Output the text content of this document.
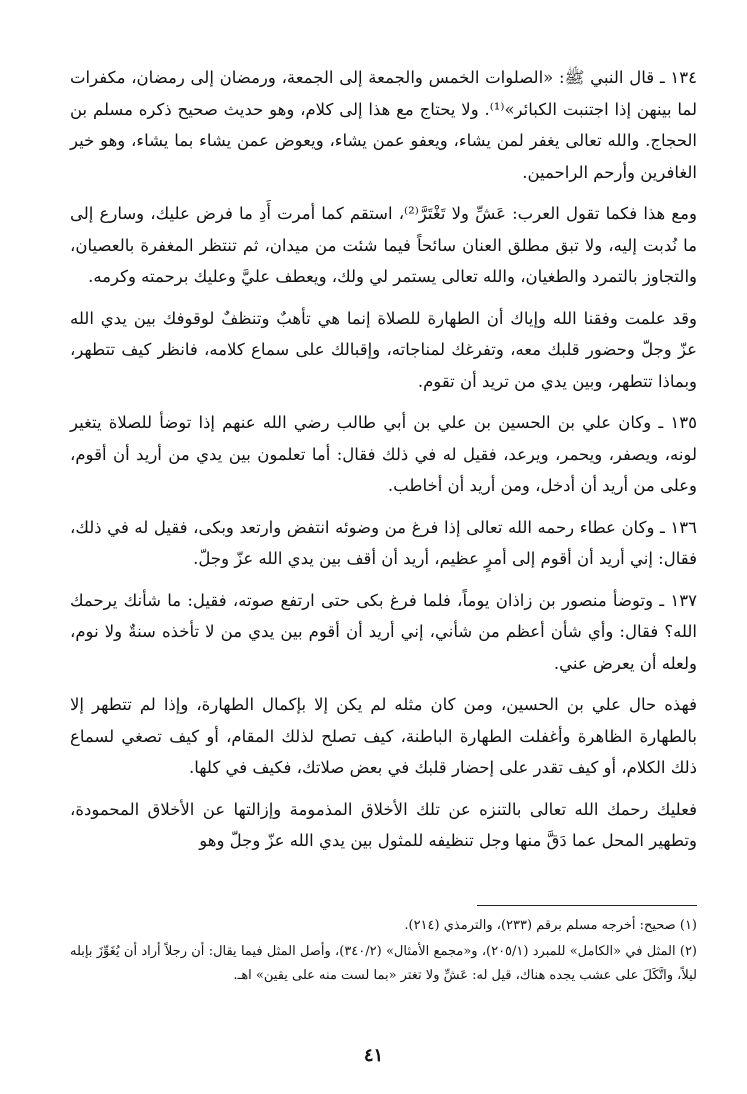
١٣٤ ـ قال النبي ﷺ: «الصلوات الخمس والجمعة إلى الجمعة، ورمضان إلى رمضان، مكفرات لما بينهن إذا اجتنبت الكبائر»⁽¹⁾. ولا يحتاج مع هذا إلى كلام، وهو حديث صحيح ذكره مسلم بن الحجاج. والله تعالى يغفر لمن يشاء، ويعفو عمن يشاء، ويعوض عمن يشاء بما يشاء، وهو خير الغافرين وأرحم الراحمين.

ومع هذا فكما تقول العرب: عَشِّ ولا تَغْتَرَّ⁽²⁾، استقم كما أمرت أَدِ ما فرض عليك، وسارع إلى ما نُدبت إليه، ولا تبق مطلق العنان سائحاً فيما شئت من ميدان، ثم تنتظر المغفرة بالعصيان، والتجاوز بالتمرد والطغيان، والله تعالى يستمر لي ولك، ويعطف عليَّ وعليك برحمته وكرمه.

وقد علمت وفقنا الله وإياك أن الطهارة للصلاة إنما هي تأهبٌ وتنظفٌ لوقوفك بين يدي الله عزّ وجلّ وحضور قلبك معه، وتفرغك لمناجاته، وإقبالك على سماع كلامه، فانظر كيف تتطهر، وبماذا تتطهر، وبين يدي من تريد أن تقوم.

١٣٥ ـ وكان علي بن الحسين بن علي بن أبي طالب رضي الله عنهم إذا توضأ للصلاة يتغير لونه، ويصفر، ويحمر، ويرعد، فقيل له في ذلك فقال: أما تعلمون بين يدي من أريد أن أقوم، وعلى من أريد أن أدخل، ومن أريد أن أخاطب.

١٣٦ ـ وكان عطاء رحمه الله تعالى إذا فرغ من وضوئه انتفض وارتعد وبكى، فقيل له في ذلك، فقال: إني أريد أن أقوم إلى أمرٍ عظيم، أريد أن أقف بين يدي الله عزّ وجلّ.

١٣٧ ـ وتوضأ منصور بن زاذان يوماً، فلما فرغ بكى حتى ارتفع صوته، فقيل: ما شأنك يرحمك الله؟ فقال: وأي شأن أعظم من شأني، إني أريد أن أقوم بين يدي من لا تأخذه سنةٌ ولا نوم، ولعله أن يعرض عني.

فهذه حال علي بن الحسين، ومن كان مثله لم يكن إلا بإكمال الطهارة، وإذا لم تتطهر إلا بالطهارة الظاهرة وأغفلت الطهارة الباطنة، كيف تصلح لذلك المقام، أو كيف تصغي لسماع ذلك الكلام، أو كيف تقدر على إحضار قلبك في بعض صلاتك، فكيف في كلها.

فعليك رحمك الله تعالى بالتنزه عن تلك الأخلاق المذمومة وإزالتها عن الأخلاق المحمودة، وتطهير المحل عما دَقَّ منها وجل تنظيفه للمثول بين يدي الله عزّ وجلّ وهو

(١) صحيح: أخرجه مسلم برقم (٢٣٣)، والترمذي (٢١٤).

(٢) المثل في «الكامل» للمبرد (٢٠٥/١)، و«مجمع الأمثال» (٣٤٠/٢)، وأصل المثل فيما يقال: أن رجلاً أراد أن يُغَوِّزَ بإبله ليلاً، واتَّكَلَ على عشب يجده هناك، قيل له: عَشِّ ولا تغتر «بما لست منه على يقين» اهـ.

٤١
